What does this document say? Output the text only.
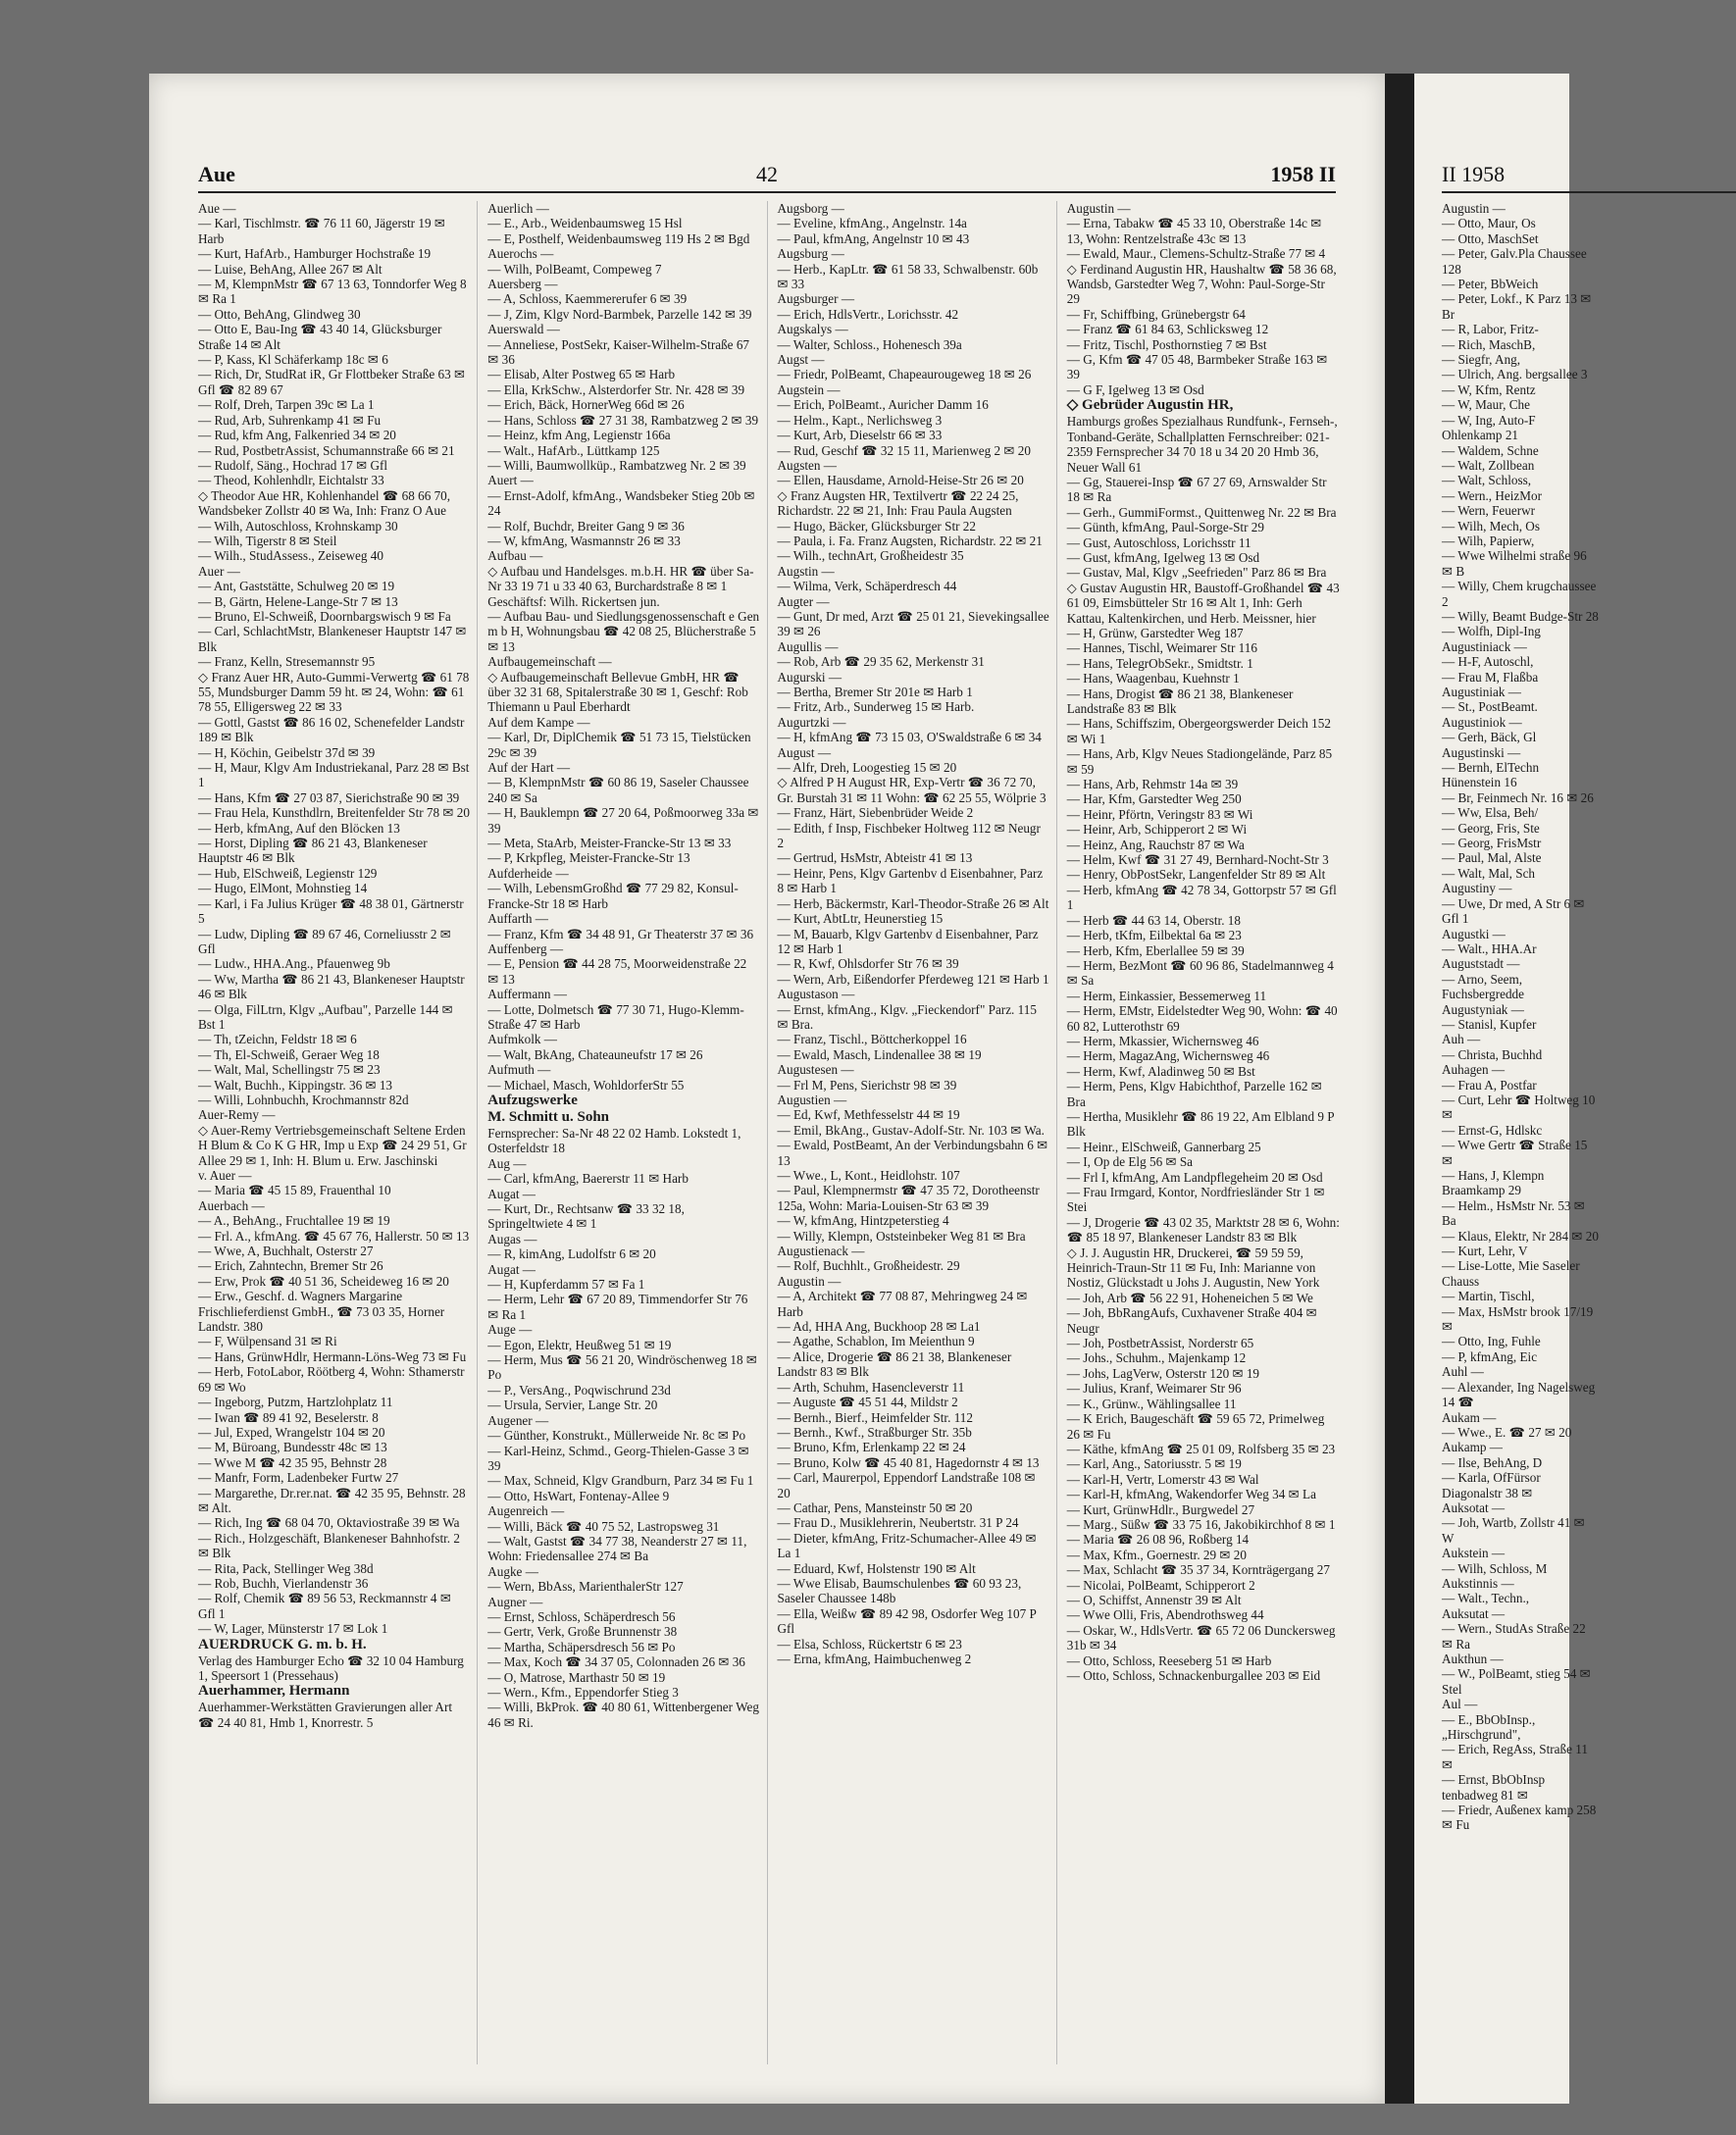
Aue	42	1958 II

Aue —

— Karl, Tischlmstr. ☎ 76 11 60, Jägerstr 19 ✉ Harb

— Kurt, HafArb., Hamburger Hochstraße 19

— Luise, BehAng, Allee 267 ✉ Alt

— M, KlempnMstr ☎ 67 13 63, Tonndorfer Weg 8 ✉ Ra 1

— Otto, BehAng, Glindweg 30

— Otto E, Bau-Ing ☎ 43 40 14, Glücksburger Straße 14 ✉ Alt

— P, Kass, Kl Schäferkamp 18c ✉ 6

— Rich, Dr, StudRat iR, Gr Flottbeker Straße 63 ✉ Gfl ☎ 82 89 67

— Rolf, Dreh, Tarpen 39c ✉ La 1

— Rud, Arb, Suhrenkamp 41 ✉ Fu

— Rud, kfm Ang, Falkenried 34 ✉ 20

— Rud, PostbetrAssist, Schumannstraße 66 ✉ 21

— Rudolf, Säng., Hochrad 17 ✉ Gfl

— Theod, Kohlenhdlr, Eichtalstr 33

◇ Theodor Aue HR, Kohlenhandel ☎ 68 66 70, Wandsbeker Zollstr 40 ✉ Wa, Inh: Franz O Aue

— Wilh, Autoschloss, Krohnskamp 30

— Wilh, Tigerstr 8 ✉ Steil

— Wilh., StudAssess., Zeiseweg 40

Auer —

— Ant, Gaststätte, Schulweg 20 ✉ 19

— B, Gärtn, Helene-Lange-Str 7 ✉ 13

— Bruno, El-Schweiß, Doornbargswisch 9 ✉ Fa

— Carl, SchlachtMstr, Blankeneser Hauptstr 147 ✉ Blk

— Franz, Kelln, Stresemannstr 95

◇ Franz Auer HR, Auto-Gummi-Verwertg ☎ 61 78 55, Mundsburger Damm 59 ht. ✉ 24, Wohn: ☎ 61 78 55, Elligersweg 22 ✉ 33

— Gottl, Gastst ☎ 86 16 02, Schenefelder Landstr 189 ✉ Blk

— H, Köchin, Geibelstr 37d ✉ 39

— H, Maur, Klgv Am Industriekanal, Parz 28 ✉ Bst 1

— Hans, Kfm ☎ 27 03 87, Sierichstraße 90 ✉ 39

— Frau Hela, Kunsthdlrn, Breitenfelder Str 78 ✉ 20

— Herb, kfmAng, Auf den Blöcken 13

— Horst, Dipling ☎ 86 21 43, Blankeneser Hauptstr 46 ✉ Blk

— Hub, ElSchweiß, Legienstr 129

— Hugo, ElMont, Mohnstieg 14

— Karl, i Fa Julius Krüger ☎ 48 38 01, Gärtnerstr 5

— Ludw, Dipling ☎ 89 67 46, Corneliusstr 2 ✉ Gfl

— Ludw., HHA.Ang., Pfauenweg 9b

— Ww, Martha ☎ 86 21 43, Blankeneser Hauptstr 46 ✉ Blk

— Olga, FilLtrn, Klgv „Aufbau", Parzelle 144 ✉ Bst 1

— Th, tZeichn, Feldstr 18 ✉ 6

— Th, El-Schweiß, Geraer Weg 18

— Walt, Mal, Schellingstr 75 ✉ 23

— Walt, Buchh., Kippingstr. 36 ✉ 13

— Willi, Lohnbuchh, Krochmannstr 82d

Auer-Remy —

◇ Auer-Remy Vertriebsgemeinschaft Seltene Erden H Blum & Co K G HR, Imp u Exp ☎ 24 29 51, Gr Allee 29 ✉ 1, Inh: H. Blum u. Erw. Jaschinski

v. Auer —

— Maria ☎ 45 15 89, Frauenthal 10

Auerbach —

— A., BehAng., Fruchtallee 19 ✉ 19

— Frl. A., kfmAng. ☎ 45 67 76, Hallerstr. 50 ✉ 13

— Wwe, A, Buchhalt, Osterstr 27

— Erich, Zahntechn, Bremer Str 26

— Erw, Prok ☎ 40 51 36, Scheideweg 16 ✉ 20

— Erw., Geschf. d. Wagners Margarine Frischlieferdienst GmbH., ☎ 73 03 35, Horner Landstr. 380

— F, Wülpensand 31 ✉ Ri

— Hans, GrünwHdlr, Hermann-Löns-Weg 73 ✉ Fu

— Herb, FotoLabor, Röötberg 4, Wohn: Sthamerstr 69 ✉ Wo

— Ingeborg, Putzm, Hartzlohplatz 11

— Iwan ☎ 89 41 92, Beselerstr. 8

— Jul, Exped, Wrangelstr 104 ✉ 20

— M, Büroang, Bundesstr 48c ✉ 13

— Wwe M ☎ 42 35 95, Behnstr 28

— Manfr, Form, Ladenbeker Furtw 27

— Margarethe, Dr.rer.nat. ☎ 42 35 95, Behnstr. 28 ✉ Alt.

— Rich, Ing ☎ 68 04 70, Oktaviostraße 39 ✉ Wa

— Rich., Holzgeschäft, Blankeneser Bahnhofstr. 2 ✉ Blk

— Rita, Pack, Stellinger Weg 38d

— Rob, Buchh, Vierlandenstr 36

— Rolf, Chemik ☎ 89 56 53, Reckmannstr 4 ✉ Gfl 1

— W, Lager, Münsterstr 17 ✉ Lok 1

AUERDRUCK G. m. b. H.

Verlag des Hamburger Echo ☎ 32 10 04 Hamburg 1, Speersort 1 (Pressehaus)

Auerhammer, Hermann

Auerhammer-Werkstätten Gravierungen aller Art ☎ 24 40 81, Hmb 1, Knorrestr. 5

Auerlich —

— E., Arb., Weidenbaumsweg 15 Hsl

— E, Posthelf, Weidenbaumsweg 119 Hs 2 ✉ Bgd

Auerochs —

— Wilh, PolBeamt, Compeweg 7

Auersberg —

— A, Schloss, Kaemmererufer 6 ✉ 39

— J, Zim, Klgv Nord-Barmbek, Parzelle 142 ✉ 39

Auerswald —

— Anneliese, PostSekr, Kaiser-Wilhelm-Straße 67 ✉ 36

— Elisab, Alter Postweg 65 ✉ Harb

— Ella, KrkSchw., Alsterdorfer Str. Nr. 428 ✉ 39

— Erich, Bäck, HornerWeg 66d ✉ 26

— Hans, Schloss ☎ 27 31 38, Rambatzweg 2 ✉ 39

— Heinz, kfm Ang, Legienstr 166a

— Walt., HafArb., Lüttkamp 125

— Willi, Baumwollküp., Rambatzweg Nr. 2 ✉ 39

Auert —

— Ernst-Adolf, kfmAng., Wandsbeker Stieg 20b ✉ 24

— Rolf, Buchdr, Breiter Gang 9 ✉ 36

— W, kfmAng, Wasmannstr 26 ✉ 33

Aufbau —

◇ Aufbau und Handelsges. m.b.H. HR ☎ über Sa-Nr 33 19 71 u 33 40 63, Burchardstraße 8 ✉ 1 Geschäftsf: Wilh. Rickertsen jun.

— Aufbau Bau- und Siedlungsgenossenschaft e Gen m b H, Wohnungsbau ☎ 42 08 25, Blücherstraße 5 ✉ 13

Aufbaugemeinschaft —

◇ Aufbaugemeinschaft Bellevue GmbH, HR ☎ über 32 31 68, Spitalerstraße 30 ✉ 1, Geschf: Rob Thiemann u Paul Eberhardt

Auf dem Kampe —

— Karl, Dr, DiplChemik ☎ 51 73 15, Tielstücken 29c ✉ 39

Auf der Hart —

— B, KlempnMstr ☎ 60 86 19, Saseler Chaussee 240 ✉ Sa

— H, Bauklempn ☎ 27 20 64, Poßmoorweg 33a ✉ 39

— Meta, StaArb, Meister-Francke-Str 13 ✉ 33

— P, Krkpfleg, Meister-Francke-Str 13

Aufderheide —

— Wilh, LebensmGroßhd ☎ 77 29 82, Konsul-Francke-Str 18 ✉ Harb

Auffarth —

— Franz, Kfm ☎ 34 48 91, Gr Theaterstr 37 ✉ 36

Auffenberg —

— E, Pension ☎ 44 28 75, Moorweidenstraße 22 ✉ 13

Auffermann —

— Lotte, Dolmetsch ☎ 77 30 71, Hugo-Klemm-Straße 47 ✉ Harb

Aufmkolk —

— Walt, BkAng, Chateaunеufstr 17 ✉ 26

Aufmuth —

— Michael, Masch, WohldorferStr 55

Aufzugswerke

M. Schmitt u. Sohn

Fernsprecher: Sa-Nr 48 22 02 Hamb. Lokstedt 1, Osterfeldstr 18

Aug —

— Carl, kfmAng, Baererstr 11 ✉ Harb

Augat —

— Kurt, Dr., Rechtsanw ☎ 33 32 18, Springeltwiete 4 ✉ 1

Augas —

— R, kimAng, Ludolfstr 6 ✉ 20

Augat —

— H, Kupferdamm 57 ✉ Fa 1

— Herm, Lehr ☎ 67 20 89, Timmendorfer Str 76 ✉ Ra 1

Auge —

— Egon, Elektr, Heußweg 51 ✉ 19

— Herm, Mus ☎ 56 21 20, Windröschenweg 18 ✉ Po

— P., VersAng., Poqwischrund 23d

— Ursula, Servier, Lange Str. 20

Augener —

— Günther, Konstrukt., Müllerweide Nr. 8c ✉ Po

— Karl-Heinz, Schmd., Georg-Thielen-Gasse 3 ✉ 39

— Max, Schneid, Klgv Grandburn, Parz 34 ✉ Fu 1

— Otto, HsWart, Fontenay-Allee 9

Augenreich —

— Willi, Bäck ☎ 40 75 52, Lastropsweg 31

— Walt, Gastst ☎ 34 77 38, Neanderstr 27 ✉ 11, Wohn: Friedensallee 274 ✉ Ba

Augke —

— Wern, BbAss, MarienthalerStr 127

Augner —

— Ernst, Schloss, Schäperdresch 56

— Gertr, Verk, Große Brunnenstr 38

— Martha, Schäpersdresch 56 ✉ Po

— Max, Koch ☎ 34 37 05, Colonnaden 26 ✉ 36

— O, Matrose, Marthastr 50 ✉ 19

— Wern., Kfm., Eppendorfer Stieg 3

— Willi, BkProk. ☎ 40 80 61, Wittenbergener Weg 46 ✉ Ri.

Augsborg —

— Eveline, kfmAng., Angelnstr. 14a

— Paul, kfmAng, Angelnstr 10 ✉ 43

Augsburg —

— Herb., KapLtr. ☎ 61 58 33, Schwalbenstr. 60b ✉ 33

Augsburger —

— Erich, HdlsVertr., Lorichsstr. 42

Augskalys —

— Walter, Schloss., Hohenesch 39a

Augst —

— Friedr, PolBeamt, Chapeaurougeweg 18 ✉ 26

Augstein —

— Erich, PolBeamt., Auricher Damm 16

— Helm., Kapt., Nerlichsweg 3

— Kurt, Arb, Dieselstr 66 ✉ 33

— Rud, Geschf ☎ 32 15 11, Marienweg 2 ✉ 20

Augsten —

— Ellen, Hausdame, Arnold-Heise-Str 26 ✉ 20

◇ Franz Augsten HR, Textilvertr ☎ 22 24 25, Richardstr. 22 ✉ 21, Inh: Frau Paula Augsten

— Hugo, Bäcker, Glücksburger Str 22

— Paula, i. Fa. Franz Augsten, Richardstr. 22 ✉ 21

— Wilh., technArt, Großheidestr 35

Augstin —

— Wilma, Verk, Schäperdresch 44

Augter —

— Gunt, Dr med, Arzt ☎ 25 01 21, Sievekingsallee 39 ✉ 26

Augullis —

— Rob, Arb ☎ 29 35 62, Merkenstr 31

Augurski —

— Bertha, Bremer Str 201e ✉ Harb 1

— Fritz, Arb., Sunderweg 15 ✉ Harb.

Augurtzki —

— H, kfmAng ☎ 73 15 03, O'Swaldstraße 6 ✉ 34

August —

— Alfr, Dreh, Loogestieg 15 ✉ 20

◇ Alfred P H August HR, Exp-Vertr ☎ 36 72 70, Gr. Burstah 31 ✉ 11 Wohn: ☎ 62 25 55, Wölprie 3

— Franz, Härt, Siebenbrüder Weide 2

— Edith, f Insp, Fischbeker Holtweg 112 ✉ Neugr 2

— Gertrud, HsMstr, Abteistr 41 ✉ 13

— Heinr, Pens, Klgv Gartenbv d Eisenbahner, Parz 8 ✉ Harb 1

— Herb, Bäckermstr, Karl-Theodor-Straße 26 ✉ Alt

— Kurt, AbtLtr, Heunerstieg 15

— M, Bauarb, Klgv Gartenbv d Eisenbahner, Parz 12 ✉ Harb 1

— R, Kwf, Ohlsdorfer Str 76 ✉ 39

— Wern, Arb, Eißendorfer Pferdeweg 121 ✉ Harb 1

Augustason —

— Ernst, kfmAng., Klgv. „Fieckendorf" Parz. 115 ✉ Bra.

— Franz, Tischl., Böttcherkoppel 16

— Ewald, Masch, Lindenallee 38 ✉ 19

Augustesen —

— Frl M, Pens, Sierichstr 98 ✉ 39

Augustien —

— Ed, Kwf, Methfesselstr 44 ✉ 19

— Emil, BkAng., Gustav-Adolf-Str. Nr. 103 ✉ Wa.

— Ewald, PostBeamt, An der Verbindungsbahn 6 ✉ 13

— Wwe., L, Kont., Heidlohstr. 107

— Paul, Klempnermstr ☎ 47 35 72, Dorotheenstr 125a, Wohn: Maria-Louisen-Str 63 ✉ 39

— W, kfmAng, Hintzpeterstieg 4

— Willy, Klempn, Oststeinbeker Weg 81 ✉ Bra

Augustienack —

— Rolf, Buchhlt., Großheidestr. 29

Augustin —

— A, Architekt ☎ 77 08 87, Mehringweg 24 ✉ Harb

— Ad, HHA Ang, Buckhoop 28 ✉ La1

— Agathe, Schablon, Im Meienthun 9

— Alice, Drogerie ☎ 86 21 38, Blankeneser Landstr 83 ✉ Blk

— Arth, Schuhm, Hasencleverstr 11

— Auguste ☎ 45 51 44, Mildstr 2

— Bernh., Bierf., Heimfelder Str. 112

— Bernh., Kwf., Straßburger Str. 35b

— Bruno, Kfm, Erlenkamp 22 ✉ 24

— Bruno, Kolw ☎ 45 40 81, Hagedornstr 4 ✉ 13

— Carl, Maurerpol, Eppendorf Landstraße 108 ✉ 20

— Cathar, Pens, Mansteinstr 50 ✉ 20

— Frau D., Musiklehrerin, Neubertstr. 31 P 24

— Dieter, kfmAng, Fritz-Schumacher-Allee 49 ✉ La 1

— Eduard, Kwf, Holstenstr 190 ✉ Alt

— Wwe Elisab, Baumschulenbes ☎ 60 93 23, Saseler Chaussee 148b

— Ella, Weißw ☎ 89 42 98, Osdorfer Weg 107 P Gfl

— Elsa, Schloss, Rückertstr 6 ✉ 23

— Erna, kfmAng, Haimbuchenweg 2

Augustin —

— Erna, Tabakw ☎ 45 33 10, Oberstraße 14c ✉ 13, Wohn: Rentzelstraße 43c ✉ 13

— Ewald, Maur., Clemens-Schultz-Straße 77 ✉ 4

◇ Ferdinand Augustin HR, Haushaltw ☎ 58 36 68, Wandsb, Garstedter Weg 7, Wohn: Paul-Sorge-Str 29

— Fr, Schiffbing, Grünebergstr 64

— Franz ☎ 61 84 63, Schlicksweg 12

— Fritz, Tischl, Posthornstieg 7 ✉ Bst

— G, Kfm ☎ 47 05 48, Barmbeker Straße 163 ✉ 39

— G F, Igelweg 13 ✉ Osd

◇ Gebrüder Augustin HR,

Hamburgs großes Spezialhaus Rundfunk-, Fernseh-, Tonband-Geräte, Schallplatten Fernschreiber: 021-2359 Fernsprecher 34 70 18 u 34 20 20 Hmb 36, Neuer Wall 61

— Gg, Stauerei-Insp ☎ 67 27 69, Arnswalder Str 18 ✉ Ra

— Gerh., GummiFormst., Quittenweg Nr. 22 ✉ Bra

— Günth, kfmAng, Paul-Sorge-Str 29

— Gust, Autoschloss, Lorichsstr 11

— Gust, kfmAng, Igelweg 13 ✉ Osd

— Gustav, Mal, Klgv „Seefrieden" Parz 86 ✉ Bra

◇ Gustav Augustin HR, Baustoff-Großhandel ☎ 43 61 09, Eimsbütteler Str 16 ✉ Alt 1, Inh: Gerh Kattau, Kaltenkirchen, und Herb. Meissner, hier

— H, Grünw, Garstedter Weg 187

— Hannes, Tischl, Weimarer Str 116

— Hans, TelegrObSekr., Smidtstr. 1

— Hans, Waagenbau, Kuehnstr 1

— Hans, Drogist ☎ 86 21 38, Blankeneser Landstraße 83 ✉ Blk

— Hans, Schiffszim, Obergeorgswerder Deich 152 ✉ Wi 1

— Hans, Arb, Klgv Neues Stadiongelände, Parz 85 ✉ 59

— Hans, Arb, Rehmstr 14a ✉ 39

— Har, Kfm, Garstedter Weg 250

— Heinr, Pförtn, Veringstr 83 ✉ Wi

— Heinr, Arb, Schipperort 2 ✉ Wi

— Heinz, Ang, Rauchstr 87 ✉ Wa

— Helm, Kwf ☎ 31 27 49, Bernhard-Nocht-Str 3

— Henry, ObPostSekr, Langenfelder Str 89 ✉ Alt

— Herb, kfmAng ☎ 42 78 34, Gottorpstr 57 ✉ Gfl 1

— Herb ☎ 44 63 14, Oberstr. 18

— Herb, tKfm, Eilbektal 6a ✉ 23

— Herb, Kfm, Eberlallee 59 ✉ 39

— Herm, BezMont ☎ 60 96 86, Stadelmannweg 4 ✉ Sa

— Herm, Einkassier, Bessemerweg 11

— Herm, EMstr, Eidelstedter Weg 90, Wohn: ☎ 40 60 82, Lutterothstr 69

— Herm, Mkassier, Wichernsweg 46

— Herm, MagazAng, Wichernsweg 46

— Herm, Kwf, Aladinweg 50 ✉ Bst

— Herm, Pens, Klgv Habichthof, Parzelle 162 ✉ Bra

— Hertha, Musiklehr ☎ 86 19 22, Am Elbland 9 P Blk

— Heinr., ElSchweiß, Gannerbarg 25

— I, Op de Elg 56 ✉ Sa

— Frl I, kfmAng, Am Landpflegeheim 20 ✉ Osd

— Frau Irmgard, Kontor, Nordfriesländer Str 1 ✉ Stei

— J, Drogerie ☎ 43 02 35, Marktstr 28 ✉ 6, Wohn: ☎ 85 18 97, Blankeneser Landstr 83 ✉ Blk

◇ J. J. Augustin HR, Druckerei, ☎ 59 59 59, Heinrich-Traun-Str 11 ✉ Fu, Inh: Marianne von Nostiz, Glückstadt u Johs J. Augustin, New York

— Joh, Arb ☎ 56 22 91, Hoheneichen 5 ✉ We

— Joh, BbRangAufs, Cuxhavener Straße 404 ✉ Neugr

— Joh, PostbetrAssist, Norderstr 65

— Johs., Schuhm., Majenkamp 12

— Johs, LagVerw, Osterstr 120 ✉ 19

— Julius, Kranf, Weimarer Str 96

— K., Grünw., Wählingsallee 11

— K Erich, Baugeschäft ☎ 59 65 72, Primelweg 26 ✉ Fu

— Käthe, kfmAng ☎ 25 01 09, Rolfsberg 35 ✉ 23

— Karl, Ang., Satoriusstr. 5 ✉ 19

— Karl-H, Vertr, Lomerstr 43 ✉ Wal

— Karl-H, kfmAng, Wakendorfer Weg 34 ✉ La

— Kurt, GrünwHdlr., Burgwedel 27

— Marg., Süßw ☎ 33 75 16, Jakobikirchhof 8 ✉ 1

— Maria ☎ 26 08 96, Roßberg 14

— Max, Kfm., Goernestr. 29 ✉ 20

— Max, Schlacht ☎ 35 37 34, Kornträgergang 27

— Nicolai, PolBeamt, Schipperort 2

— O, Schiffst, Annenstr 39 ✉ Alt

— Wwe Olli, Fris, Abendrothsweg 44

— Oskar, W., HdlsVertr. ☎ 65 72 06 Dunckersweg 31b ✉ 34

— Otto, Schloss, Reeseberg 51 ✉ Harb

— Otto, Schloss, Schnackenburgallee 203 ✉ Eid

II 1958

Augustin —

— Otto, Maur, Os

— Otto, MaschSet

— Peter, Galv.Pla Chaussee 128

— Peter, BbWeich

— Peter, Lokf., K Parz 13 ✉ Br

— R, Labor, Fritz-

— Rich, MaschB,

— Siegfr, Ang,

— Ulrich, Ang. bergsallee 3

— W, Kfm, Rentz

— W, Maur, Che

— W, Ing, Auto-F Ohlenkamp 21

— Waldem, Schne

— Walt, Zollbean

— Walt, Schloss,

— Wern., HeizMor

— Wern, Feuerwr

— Wilh, Mech, Os

— Wilh, Papierw,

— Wwe Wilhelmi straße 96 ✉ B

— Willy, Chem krugchaussee 2

— Willy, Beamt Budge-Str 28

— Wolfh, Dipl-Ing

Augustiniack —

— H-F, Autoschl,

— Frau M, Flaßba

Augustiniak —

— St., PostBeamt.

Augustiniok —

— Gerh, Bäck, Gl

Augustinski —

— Bernh, ElTechn Hünenstein 16

— Br, Feinmech Nr. 16 ✉ 26

— Ww, Elsa, Beh/

— Georg, Fris, Ste

— Georg, FrisMstr

— Paul, Mal, Alste

— Walt, Mal, Sch

Augustiny —

— Uwe, Dr med, A Str 6 ✉ Gfl 1

Augustki —

— Walt., HHA.Ar

Auguststadt —

— Arno, Seem, Fuchsbergredde

Augustyniak —

— Stanisl, Kupfer

Auh —

— Christa, Buchhd

Auhagen —

— Frau A, Postfar

— Curt, Lehr ☎ Holtweg 10 ✉

— Ernst-G, Hdlskc

— Wwe Gertr ☎ Straße 15 ✉

— Hans, J, Klempn Braamkamp 29

— Helm., HsMstr Nr. 53 ✉ Ba

— Klaus, Elektr, Nr 284 ✉ 20

— Kurt, Lehr, V

— Lise-Lotte, Mie Saseler Chauss

— Martin, Tischl,

— Max, HsMstr brook 17/19 ✉

— Otto, Ing, Fuhle

— P, kfmAng, Eic

Auhl —

— Alexander, Ing Nagelsweg 14 ☎

Aukam —

— Wwe., E. ☎ 27 ✉ 20

Aukamp —

— Ilse, BehAng, D

— Karla, OfFürsor Diagonalstr 38 ✉

Auksotat —

— Joh, Wartb, Zollstr 41 ✉ W

Aukstein —

— Wilh, Schloss, M

Aukstinnis —

— Walt., Techn.,

Auksutat —

— Wern., StudAs Straße 22 ✉ Ra

Aukthun —

— W., PolBeamt, stieg 54 ✉ Stel

Aul —

— E., BbObInsp., „Hirschgrund",

— Erich, RegAss, Straße 11 ✉

— Ernst, BbObInsp tenbadweg 81 ✉

— Friedr, Außenex kamp 258 ✉ Fu
